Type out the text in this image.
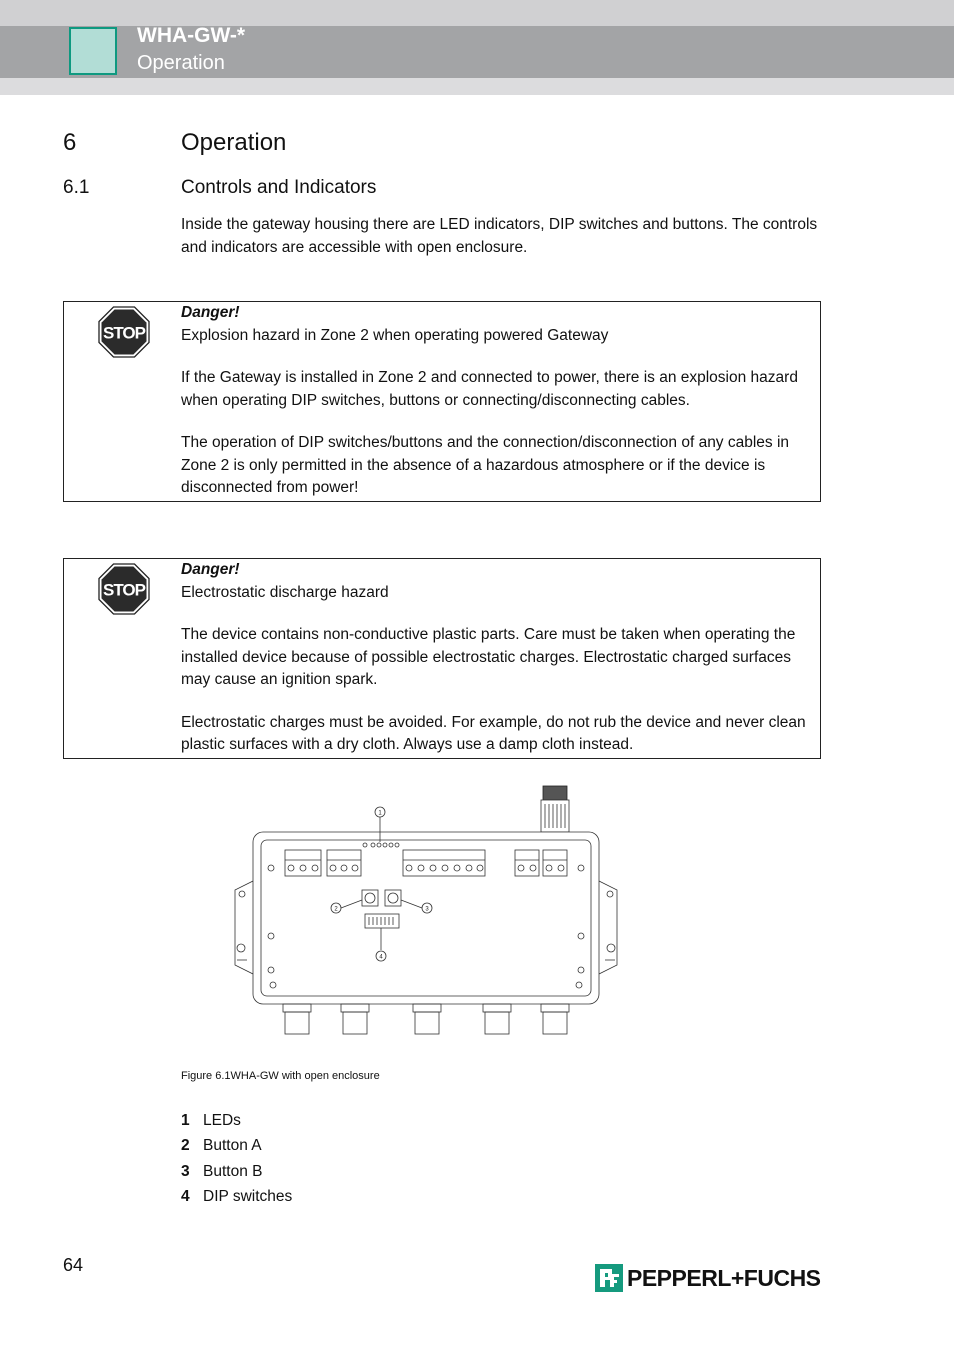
WHA-GW-*
Operation
6	Operation
6.1	Controls and Indicators
Inside the gateway housing there are LED indicators, DIP switches and buttons. The controls and indicators are accessible with open enclosure.
STOP
Danger!

Explosion hazard in Zone 2 when operating powered Gateway

If the Gateway is installed in Zone 2 and connected to power, there is an explosion hazard when operating DIP switches, buttons or connecting/disconnecting cables.

The operation of DIP switches/buttons and the connection/disconnection of any cables in Zone 2 is only permitted in the absence of a hazardous atmosphere or if the device is disconnected from power!

STOP
Danger!

Electrostatic discharge hazard

The device contains non-conductive plastic parts. Care must be taken when operating the installed device because of possible electrostatic charges. Electrostatic charged surfaces may cause an ignition spark.

Electrostatic charges must be avoided. For example, do not rub the device and never clean plastic surfaces with a dry cloth. Always use a damp cloth instead.

1
2	3
4
Figure 6.1WHA-GW with open enclosure
1 LEDs
2 Button A
3 Button B
4 DIP switches
64	PEPPERL+FUCHS
